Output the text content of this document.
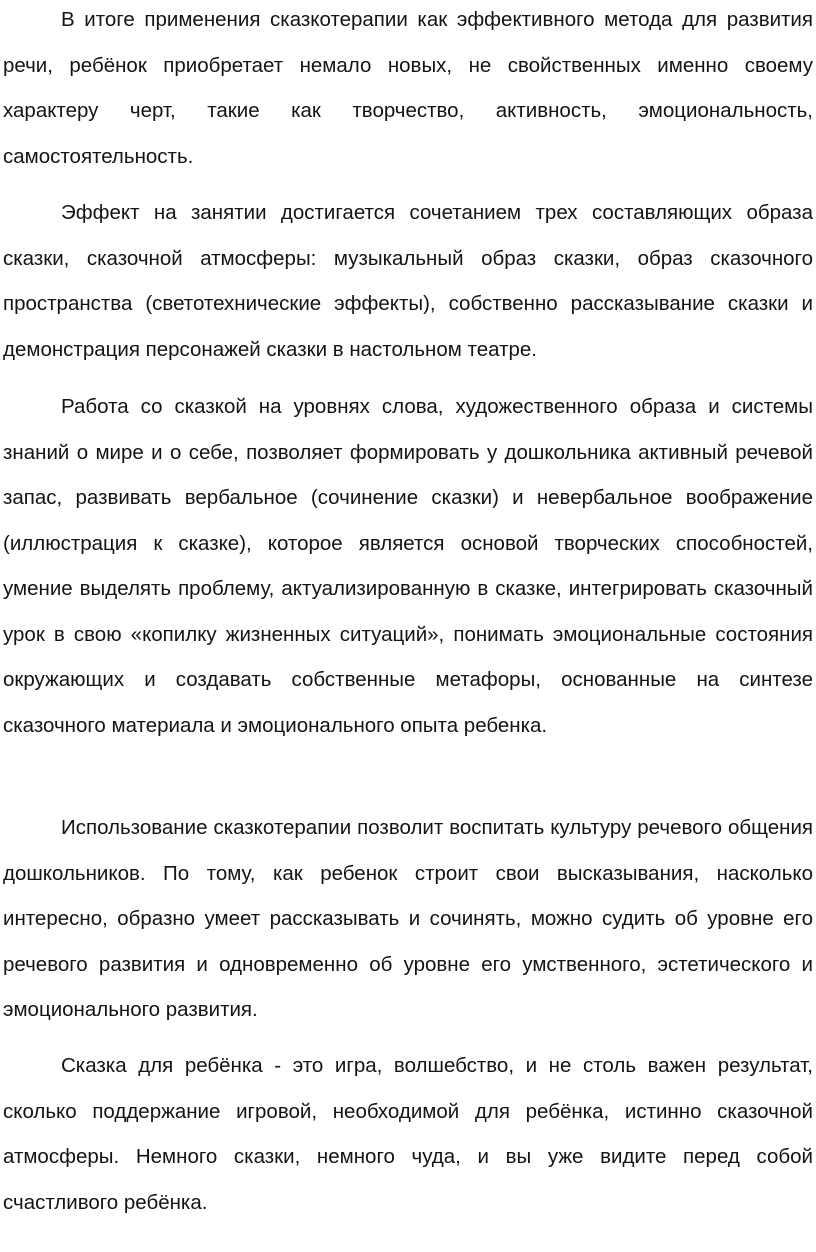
В итоге применения сказкотерапии как эффективного метода для развития речи, ребёнок приобретает немало новых, не свойственных именно своему характеру черт, такие как творчество, активность, эмоциональность, самостоятельность.

Эффект на занятии достигается сочетанием трех составляющих образа сказки, сказочной атмосферы: музыкальный образ сказки, образ сказочного пространства (светотехнические эффекты), собственно рассказывание сказки и демонстрация персонажей сказки в настольном театре.

Работа со сказкой на уровнях слова, художественного образа и системы знаний о мире и о себе, позволяет формировать у дошкольника активный речевой запас, развивать вербальное (сочинение сказки) и невербальное воображение (иллюстрация к сказке), которое является основой творческих способностей, умение выделять проблему, актуализированную в сказке, интегрировать сказочный урок в свою «копилку жизненных ситуаций», понимать эмоциональные состояния окружающих и создавать собственные метафоры, основанные на синтезе сказочного материала и эмоционального опыта ребенка.

Использование сказкотерапии позволит воспитать культуру речевого общения дошкольников. По тому, как ребенок строит свои высказывания, насколько интересно, образно умеет рассказывать и сочинять, можно судить об уровне его речевого развития и одновременно об уровне его умственного, эстетического и эмоционального развития.

Сказка для ребёнка - это игра, волшебство, и не столь важен результат, сколько поддержание игровой, необходимой для ребёнка, истинно сказочной атмосферы. Немного сказки, немного чуда, и вы уже видите перед собой счастливого ребёнка.
